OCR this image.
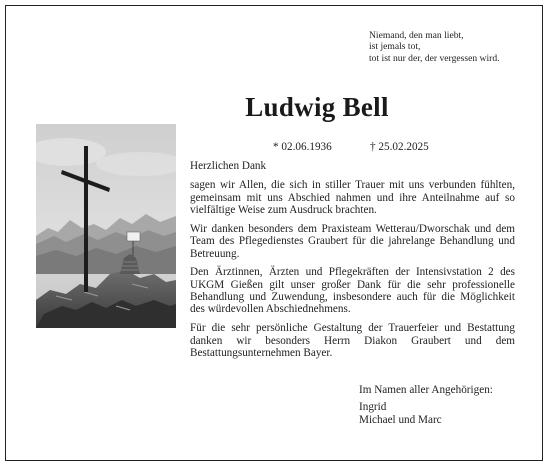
Niemand, den man liebt,
ist jemals tot,
tot ist nur der, der vergessen wird.
Ludwig Bell
* 02.06.1936	† 25.02.2025

Herzlichen Dank

sagen wir Allen, die sich in stiller Trauer mit uns verbunden fühlten, gemeinsam mit uns Abschied nahmen und ihre Anteilnahme auf so vielfältige Weise zum Ausdruck brachten.

Wir danken besonders dem Praxisteam Wetterau/Dworschak und dem Team des Pflegedienstes Graubert für die jahrelange Behandlung und Betreuung.

Den Ärztinnen, Ärzten und Pflegekräften der Intensivstation 2 des UKGM Gießen gilt unser großer Dank für die sehr professionelle Behandlung und Zuwendung, insbesondere auch für die Möglichkeit des würdevollen Abschiednehmens.

Für die sehr persönliche Gestaltung der Trauerfeier und Bestattung danken wir besonders Herrn Diakon Graubert und dem Bestattungsunternehmen Bayer.

Im Namen aller Angehörigen:
Ingrid
Michael und Marc
